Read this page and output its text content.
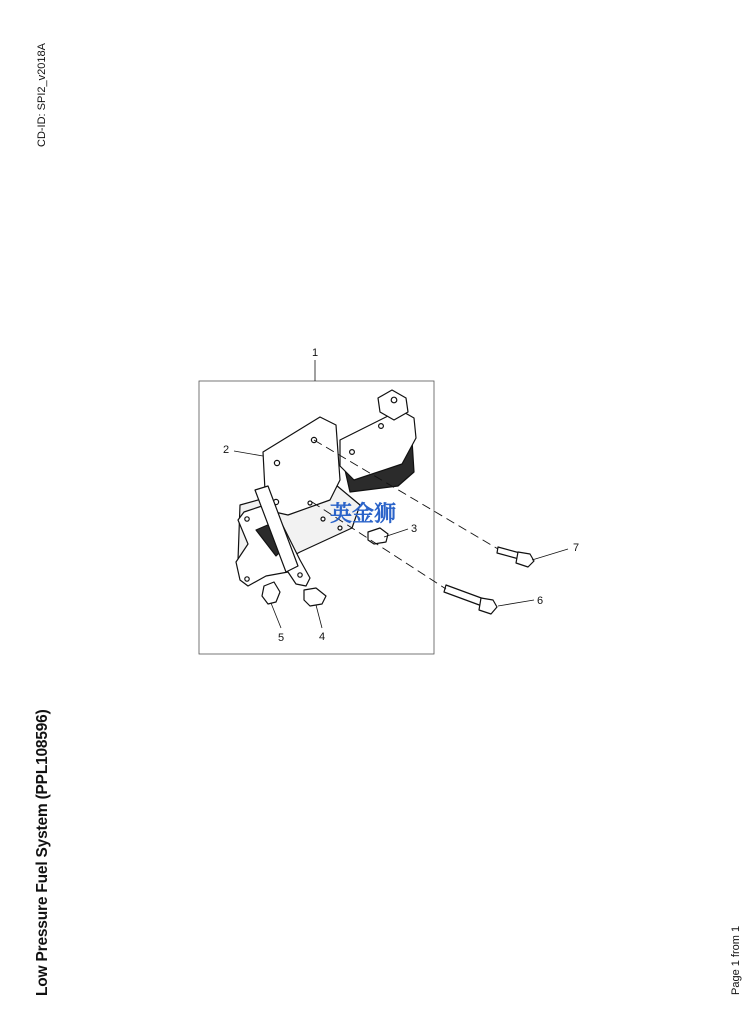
CD-ID: SPI2_v2018A
Low Pressure Fuel System (PPL108596)	Page 1 from 1
1
2
3
4
5
6
7
英金狮
